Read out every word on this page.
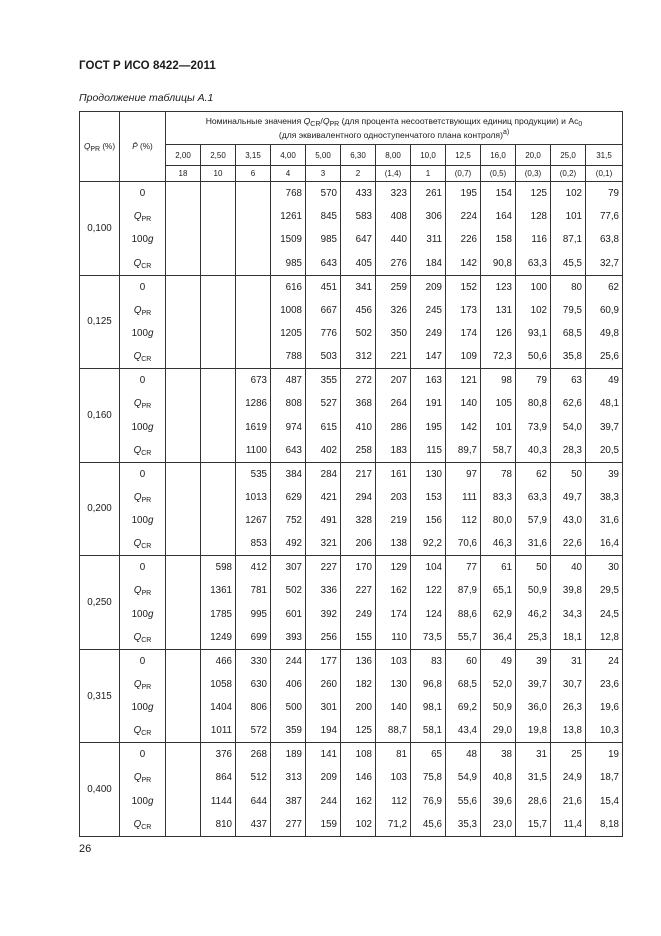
ГОСТ Р ИСО 8422—2011
Продолжение таблицы А.1
$Q_{PR}$ (%)	P̄ (%)	Номинальные значения $Q_{CR}/Q_{PR}$ (для процента несоответствующих единиц продукции) и $Ac_0$
(для эквивалентного одноступенчатого плана контроля)$^{a)}$
		2,00	2,50	3,15	4,00	5,00	6,30	8,00	10,0	12,5	16,0	20,0	25,0	31,5
		18	10	6	4	3	2	(1,4)	1	(0,7)	(0,5)	(0,3)	(0,2)	(0,1)
0,100	0				768	570	433	323	261	195	154	125	102	79
	$Q_{PR}$				1261	845	583	408	306	224	164	128	101	77,6
	100g				1509	985	647	440	311	226	158	116	87,1	63,8
	$Q_{CR}$				985	643	405	276	184	142	90,8	63,3	45,5	32,7
0,125	0				616	451	341	259	209	152	123	100	80	62
	$Q_{PR}$				1008	667	456	326	245	173	131	102	79,5	60,9
	100g				1205	776	502	350	249	174	126	93,1	68,5	49,8
	$Q_{CR}$				788	503	312	221	147	109	72,3	50,6	35,8	25,6
0,160	0			673	487	355	272	207	163	121	98	79	63	49
	$Q_{PR}$			1286	808	527	368	264	191	140	105	80,8	62,6	48,1
	100g			1619	974	615	410	286	195	142	101	73,9	54,0	39,7
	$Q_{CR}$			1100	643	402	258	183	115	89,7	58,7	40,3	28,3	20,5
0,200	0			535	384	284	217	161	130	97	78	62	50	39
	$Q_{PR}$			1013	629	421	294	203	153	111	83,3	63,3	49,7	38,3
	100g			1267	752	491	328	219	156	112	80,0	57,9	43,0	31,6
	$Q_{CR}$			853	492	321	206	138	92,2	70,6	46,3	31,6	22,6	16,4
0,250	0		598	412	307	227	170	129	104	77	61	50	40	30
	$Q_{PR}$		1361	781	502	336	227	162	122	87,9	65,1	50,9	39,8	29,5
	100g		1785	995	601	392	249	174	124	88,6	62,9	46,2	34,3	24,5
	$Q_{CR}$		1249	699	393	256	155	110	73,5	55,7	36,4	25,3	18,1	12,8
0,315	0		466	330	244	177	136	103	83	60	49	39	31	24
	$Q_{PR}$		1058	630	406	260	182	130	96,8	68,5	52,0	39,7	30,7	23,6
	100g		1404	806	500	301	200	140	98,1	69,2	50,9	36,0	26,3	19,6
	$Q_{CR}$		1011	572	359	194	125	88,7	58,1	43,4	29,0	19,8	13,8	10,3
0,400	0		376	268	189	141	108	81	65	48	38	31	25	19
	$Q_{PR}$		864	512	313	209	146	103	75,8	54,9	40,8	31,5	24,9	18,7
	100g		1144	644	387	244	162	112	76,9	55,6	39,6	28,6	21,6	15,4
	$Q_{CR}$		810	437	277	159	102	71,2	45,6	35,3	23,0	15,7	11,4	8,18
26
